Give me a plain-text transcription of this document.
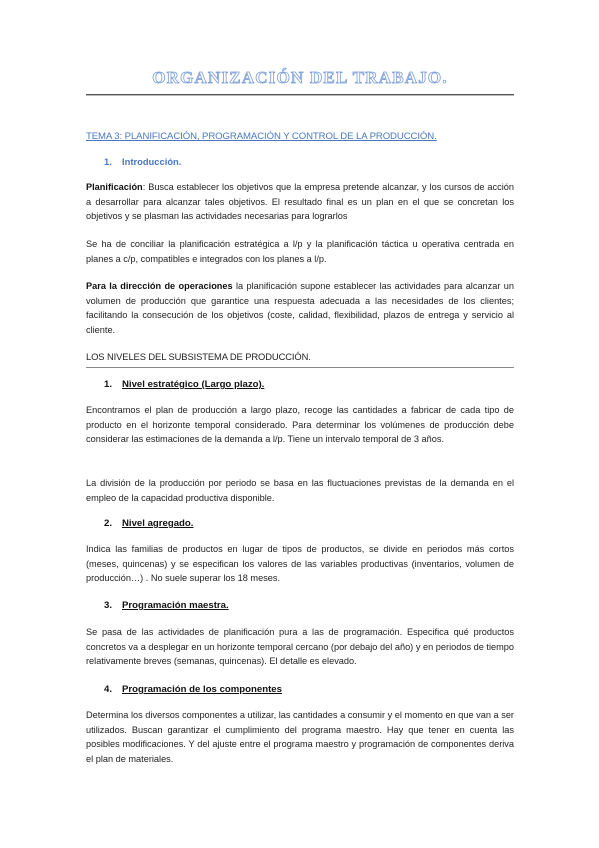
ORGANIZACIÓN DEL TRABAJO.
TEMA 3: PLANIFICACIÓN, PROGRAMACIÓN Y CONTROL DE LA PRODUCCIÓN.
1. Introducción.
Planificación: Busca establecer los objetivos que la empresa pretende alcanzar, y los cursos de acción a desarrollar para alcanzar tales objetivos. El resultado final es un plan en el que se concretan los objetivos y se plasman las actividades necesarias para lograrlos
Se ha de conciliar la planificación estratégica a l/p y la planificación táctica u operativa centrada en planes a c/p, compatibles e integrados con los planes a l/p.
Para la dirección de operaciones la planificación supone establecer las actividades para alcanzar un volumen de producción que garantice una respuesta adecuada a las necesidades de los clientes; facilitando la consecución de los objetivos (coste, calidad, flexibilidad, plazos de entrega y servicio al cliente.
LOS NIVELES DEL SUBSISTEMA DE PRODUCCIÓN.
1. Nivel estratégico (Largo plazo).
Encontramos el plan de producción a largo plazo, recoge las cantidades a fabricar de cada tipo de producto en el horizonte temporal considerado. Para determinar los volúmenes de producción debe considerar las estimaciones de la demanda a l/p. Tiene un intervalo temporal de 3 años.
La división de la producción por periodo se basa en las fluctuaciones previstas de la demanda en el empleo de la capacidad productiva disponible.
2. Nivel agregado.
Indica las familias de productos en lugar de tipos de productos, se divide en periodos más cortos (meses, quincenas) y se especifican los valores de las variables productivas (inventarios, volumen de producción…) . No suele superar los 18 meses.
3. Programación maestra.
Se pasa de las actividades de planificación pura a las de programación. Especifica qué productos concretos va a desplegar en un horizonte temporal cercano (por debajo del año) y en periodos de tiempo relativamente breves (semanas, quincenas). El detalle es elevado.
4. Programación de los componentes
Determina los diversos componentes a utilizar, las cantidades a consumir y el momento en que van a ser utilizados. Buscan garantizar el cumplimiento del programa maestro. Hay que tener en cuenta las posibles modificaciones. Y del ajuste entre el programa maestro y programación de componentes deriva el plan de materiales.
